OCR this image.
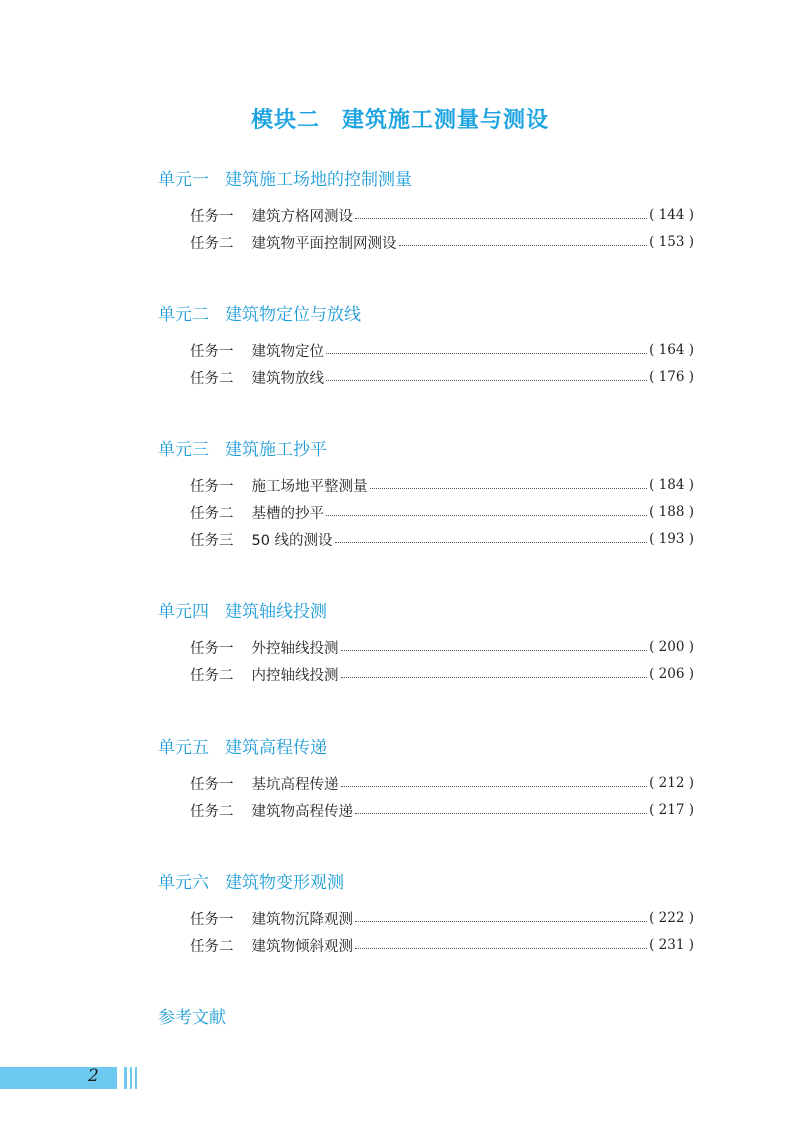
模块二 建筑施工测量与测设
单元一 建筑施工场地的控制测量
任务一 建筑方格网测设	( 144 )
任务二 建筑物平面控制网测设	( 153 )
单元二 建筑物定位与放线
任务一 建筑物定位	( 164 )
任务二 建筑物放线	( 176 )
单元三 建筑施工抄平
任务一 施工场地平整测量	( 184 )
任务二 基槽的抄平	( 188 )
任务三 50 线的测设	( 193 )
单元四 建筑轴线投测
任务一 外控轴线投测	( 200 )
任务二 内控轴线投测	( 206 )
单元五 建筑高程传递
任务一 基坑高程传递	( 212 )
任务二 建筑物高程传递	( 217 )
单元六 建筑物变形观测
任务一 建筑物沉降观测	( 222 )
任务二 建筑物倾斜观测	( 231 )
参考文献
2
